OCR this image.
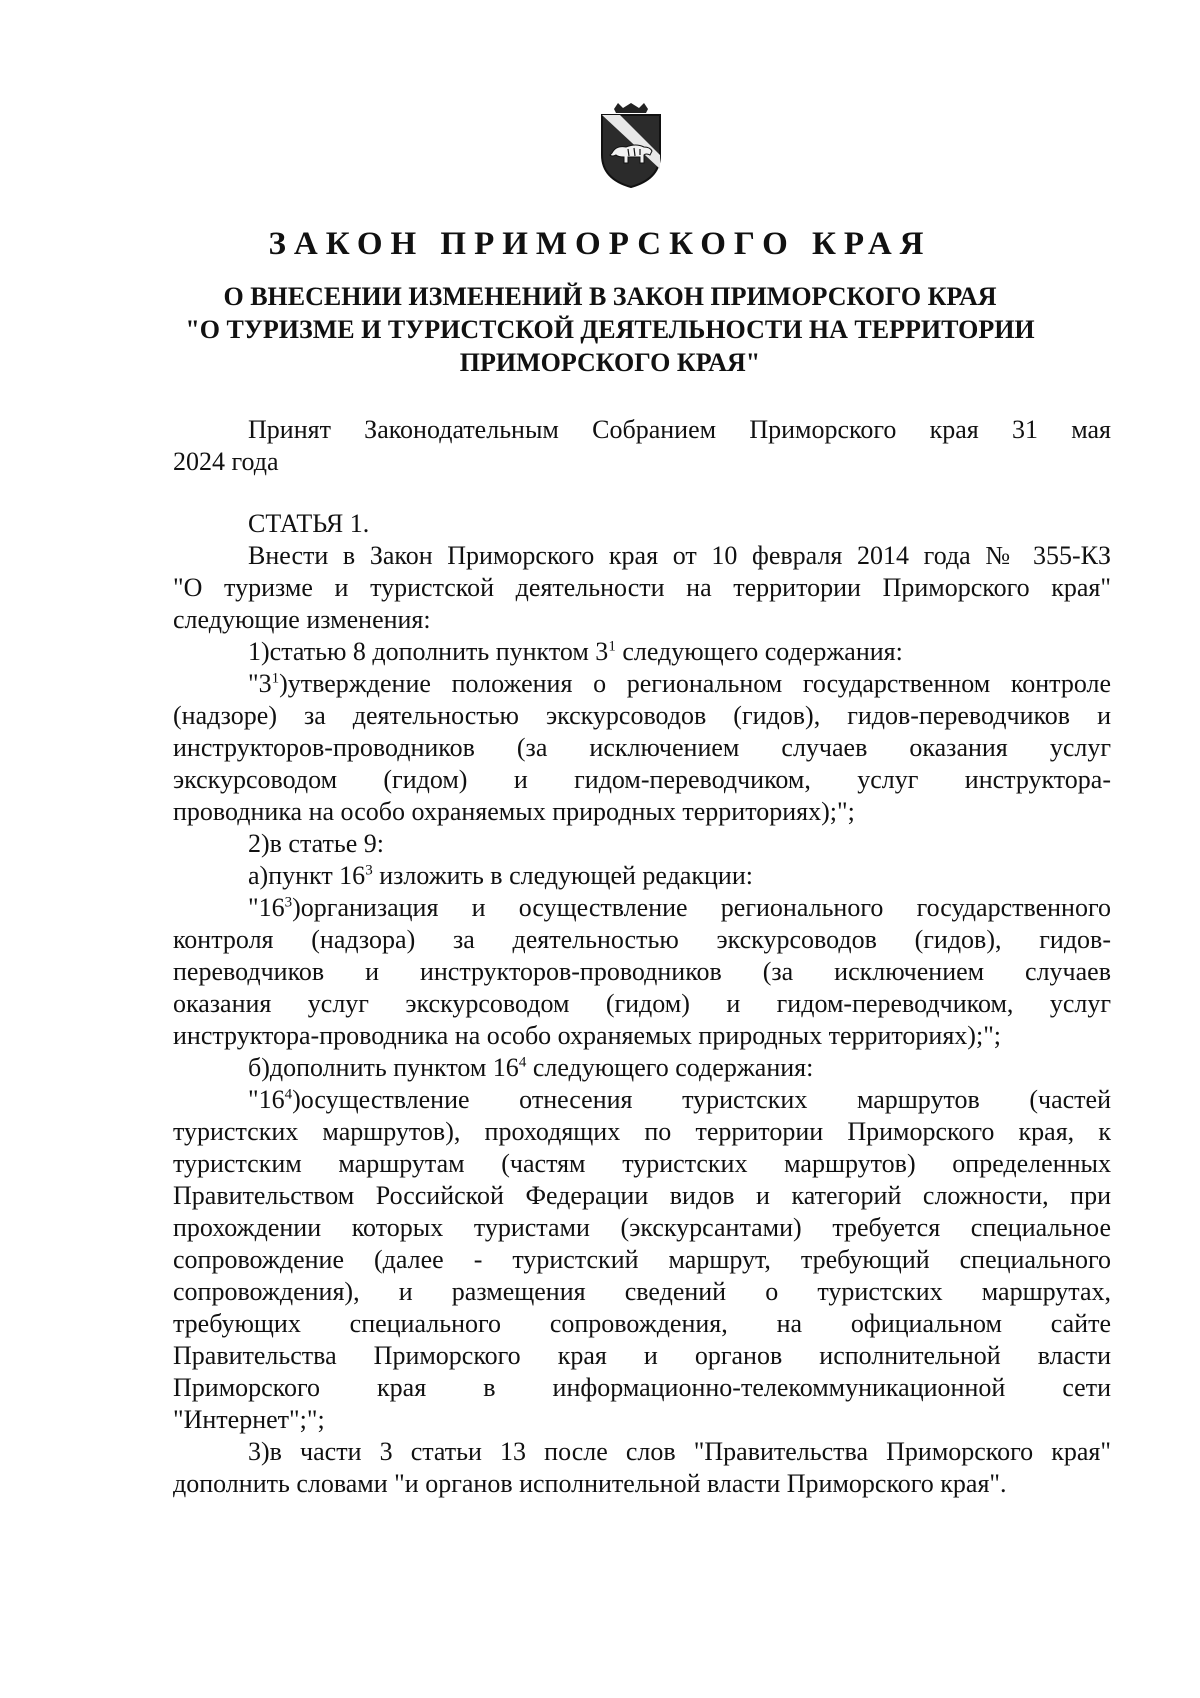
ЗАКОН ПРИМОРСКОГО КРАЯ
О ВНЕСЕНИИ ИЗМЕНЕНИЙ В ЗАКОН ПРИМОРСКОГО КРАЯ
"О ТУРИЗМЕ И ТУРИСТСКОЙ ДЕЯТЕЛЬНОСТИ НА ТЕРРИТОРИИ
ПРИМОРСКОГО КРАЯ"

Принят Законодательным Собранием Приморского края 31 мая

2024 года

СТАТЬЯ 1.

Внести в Закон Приморского края от 10 февраля 2014 года № 355-КЗ

"О туризме и туристской деятельности на территории Приморского края"

следующие изменения:

1)статью 8 дополнить пунктом $3^1$ следующего содержания:

"$3^1)утверждение$ положения о региональном государственном контроле

(надзоре) за деятельностью экскурсоводов (гидов), гидов-переводчиков и

инструкторов-проводников (за исключением случаев оказания услуг

экскурсоводом (гидом) и гидом-переводчиком, услуг инструктора-

проводника на особо охраняемых природных территориях);";

2)в статье 9:

а)пункт $16^3$ изложить в следующей редакции:

"$16^3)организация$ и осуществление регионального государственного

контроля (надзора) за деятельностью экскурсоводов (гидов), гидов-

переводчиков и инструкторов-проводников (за исключением случаев

оказания услуг экскурсоводом (гидом) и гидом-переводчиком, услуг

инструктора-проводника на особо охраняемых природных территориях);";

б)дополнить пунктом $16^4$ следующего содержания:

"$16^4)осуществление$ отнесения туристских маршрутов (частей

туристских маршрутов), проходящих по территории Приморского края, к

туристским маршрутам (частям туристских маршрутов) определенных

Правительством Российской Федерации видов и категорий сложности, при

прохождении которых туристами (экскурсантами) требуется специальное

сопровождение (далее - туристский маршрут, требующий специального

сопровождения), и размещения сведений о туристских маршрутах,

требующих специального сопровождения, на официальном сайте

Правительства Приморского края и органов исполнительной власти

Приморского края в информационно-телекоммуникационной сети

"Интернет";";

3)в части 3 статьи 13 после слов "Правительства Приморского края"

дополнить словами "и органов исполнительной власти Приморского края".
